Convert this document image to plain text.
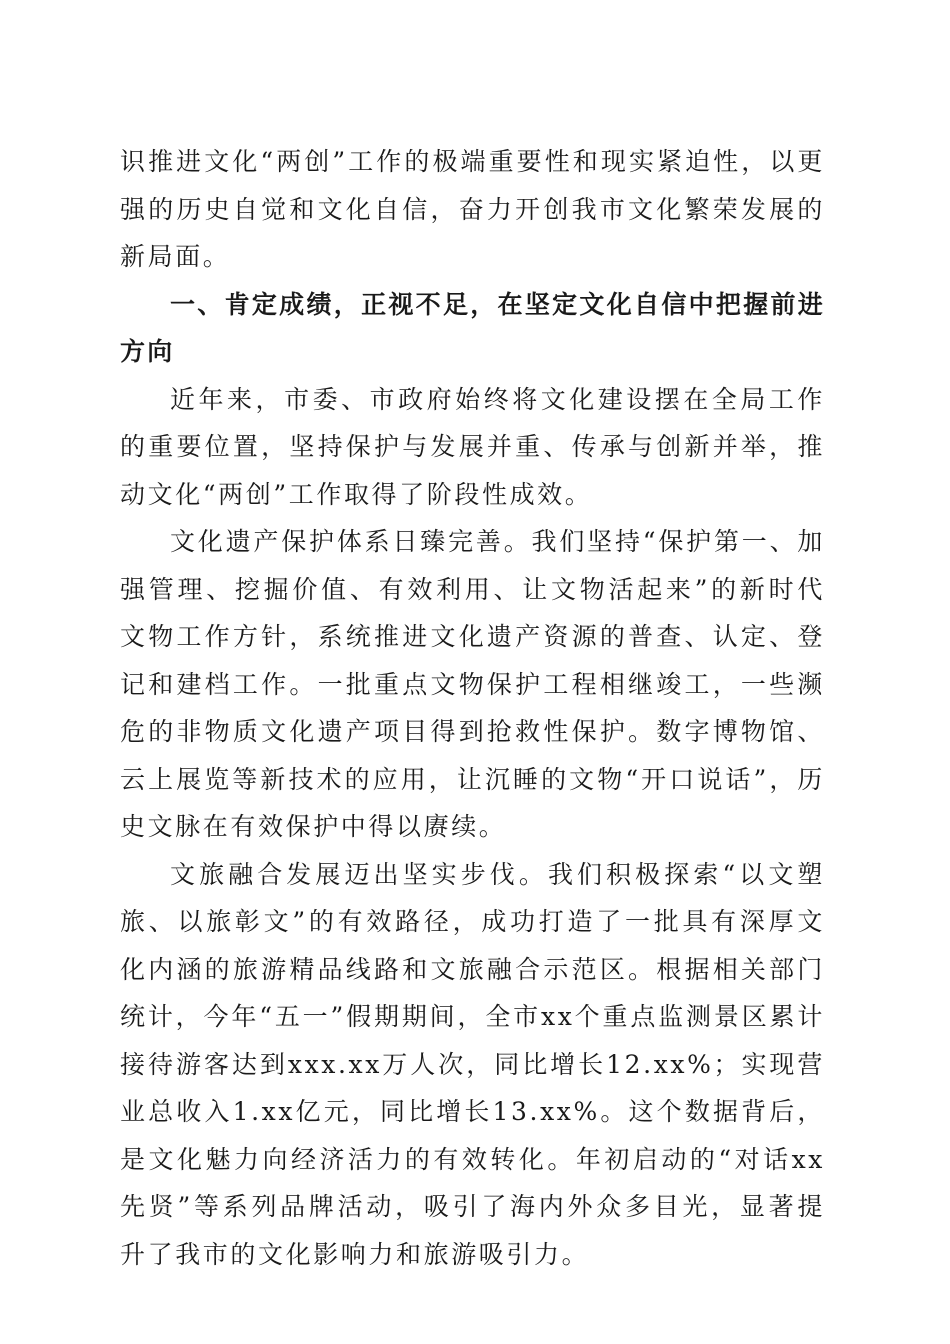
识推进文化“两创”工作的极端重要性和现实紧迫性，以更强的历史自觉和文化自信，奋力开创我市文化繁荣发展的新局面。

一、肯定成绩，正视不足，在坚定文化自信中把握前进方向

近年来，市委、市政府始终将文化建设摆在全局工作的重要位置，坚持保护与发展并重、传承与创新并举，推动文化“两创”工作取得了阶段性成效。

文化遗产保护体系日臻完善。我们坚持“保护第一、加强管理、挖掘价值、有效利用、让文物活起来”的新时代文物工作方针，系统推进文化遗产资源的普查、认定、登记和建档工作。一批重点文物保护工程相继竣工，一些濒危的非物质文化遗产项目得到抢救性保护。数字博物馆、云上展览等新技术的应用，让沉睡的文物“开口说话”，历史文脉在有效保护中得以赓续。

文旅融合发展迈出坚实步伐。我们积极探索“以文塑旅、以旅彰文”的有效路径，成功打造了一批具有深厚文化内涵的旅游精品线路和文旅融合示范区。根据相关部门统计，今年“五一”假期期间，全市xx个重点监测景区累计接待游客达到xxx.xx万人次，同比增长12.xx%；实现营业总收入1.xx亿元，同比增长13.xx%。这个数据背后，是文化魅力向经济活力的有效转化。年初启动的“对话xx先贤”等系列品牌活动，吸引了海内外众多目光，显著提升了我市的文化影响力和旅游吸引力。
